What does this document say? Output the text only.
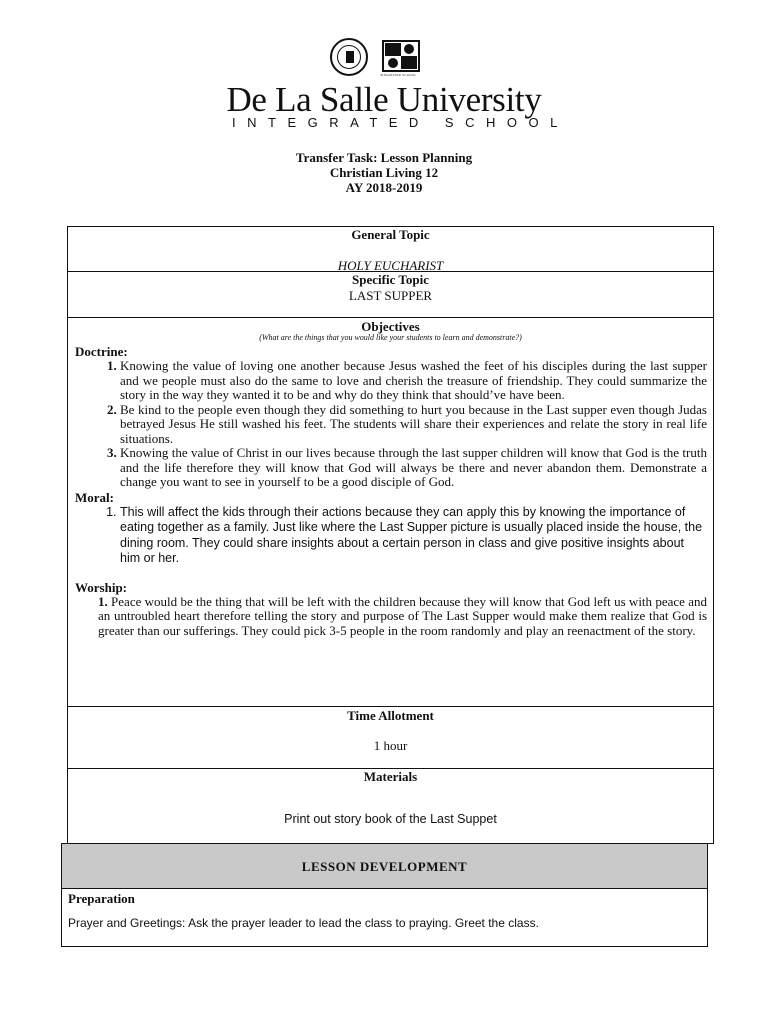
INTEGRATED SCHOOL
De La Salle University
INTEGRATED SCHOOL
Transfer Task: Lesson Planning
Christian Living 12
AY 2018-2019
General Topic
HOLY EUCHARIST
Specific Topic
LAST SUPPER
Objectives
(What are the things that you would like your students to learn and demonstrate?)
Doctrine:
1. Knowing the value of loving one another because Jesus washed the feet of his disciples during the last supper and we people must also do the same to love and cherish the treasure of friendship. They could summarize the story in the way they wanted it to be and why do they think that should’ve have been.
2. Be kind to the people even though they did something to hurt you because in the Last supper even though Judas betrayed Jesus He still washed his feet. The students will share their experiences and relate the story in real life situations.
3. Knowing the value of Christ in our lives because through the last supper children will know that God is the truth and the life therefore they will know that God will always be there and never abandon them. Demonstrate a change you want to see in yourself to be a good disciple of God.
Moral:
1. This will affect the kids through their actions because they can apply this by knowing the importance of eating together as a family. Just like where the Last Supper picture is usually placed inside the house, the dining room. They could share insights about a certain person in class and give positive insights about him or her.
Worship:
1. Peace would be the thing that will be left with the children because they will know that God left us with peace and an untroubled heart therefore telling the story and purpose of The Last Supper would make them realize that God is greater than our sufferings. They could pick 3-5 people in the room randomly and play an reenactment of the story.
Time Allotment
1 hour
Materials
Print out story book of the Last Suppet
LESSON DEVELOPMENT
Preparation
Prayer and Greetings: Ask the prayer leader to lead the class to praying. Greet the class.
